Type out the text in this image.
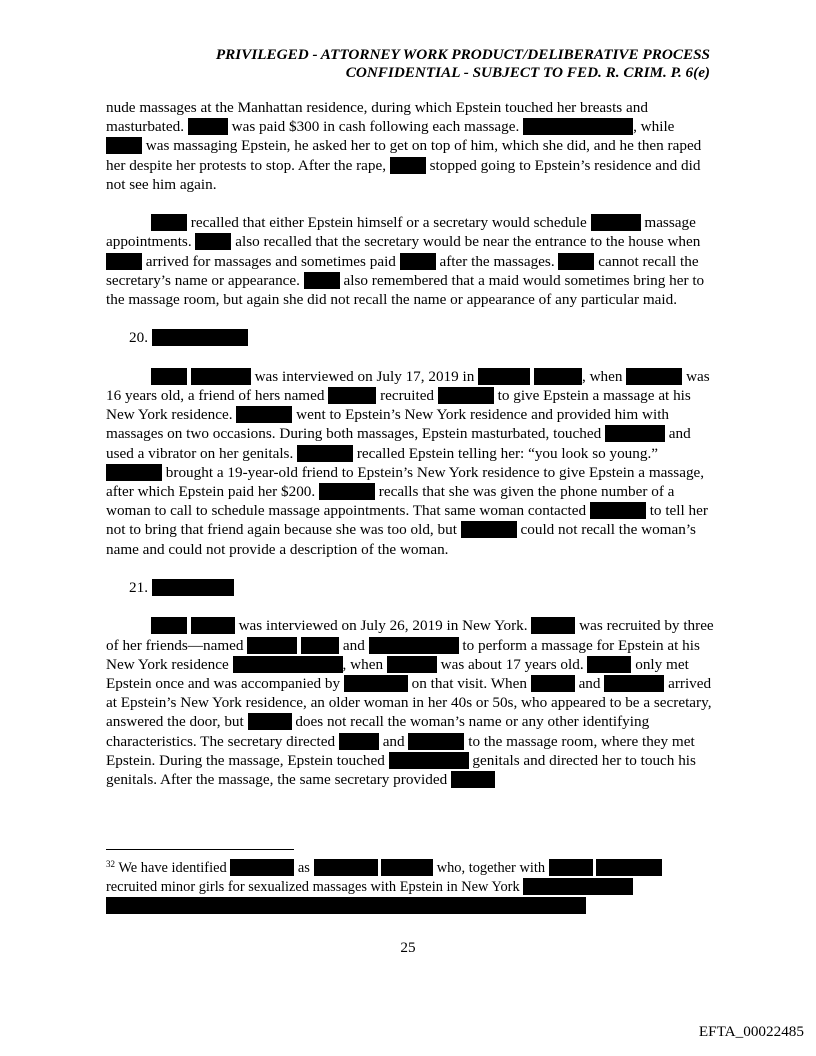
PRIVILEGED - ATTORNEY WORK PRODUCT/DELIBERATIVE PROCESS
CONFIDENTIAL - SUBJECT TO FED. R. CRIM. P. 6(e)

nude massages at the Manhattan residence, during which Epstein touched her breasts and masturbated.	was paid $300 in cash following each massage.	, while  was massaging Epstein, he asked her to get on top of him, which she did, and he then raped her despite her protests to stop. After the rape,	stopped going to Epstein’s residence and did not see him again.

recalled that either Epstein himself or a secretary would schedule	massage appointments.	also recalled that the secretary would be near the entrance to the house when  arrived for massages and sometimes paid	after the massages.	cannot recall the secretary’s name or appearance.	also remembered that a maid would sometimes bring her to the massage room, but again she did not recall the name or appearance of any particular maid.

20.

was interviewed on July 17, 2019 in	, when	was 16 years old, a friend of hers named	recruited	to give Epstein a massage at his New York residence.	went to Epstein’s New York residence and provided him with massages on two occasions. During both massages, Epstein masturbated, touched	and used a vibrator on her genitals.	recalled Epstein telling her: “you look so young.”  brought a 19-year-old friend to Epstein’s New York residence to give Epstein a massage, after which Epstein paid her $200.	recalls that she was given the phone number of a woman to call to schedule massage appointments. That same woman contacted	to tell her not to bring that friend again because she was too old, but	could not recall the woman’s name and could not provide a description of the woman.

21.

was interviewed on July 26, 2019 in New York.	was recruited by three of her friends—named	and	to perform a massage for Epstein at his New York residence	, when	was about 17 years old.	only met Epstein once and was accompanied by	on that visit. When	and	arrived at Epstein’s New York residence, an older woman in her 40s or 50s, who appeared to be a secretary, answered the door, but	does not recall the woman’s name or any other identifying characteristics. The secretary directed	and	to the massage room, where they met Epstein. During the massage, Epstein touched	genitals and directed her to touch his genitals. After the massage, the same secretary provided

$^{32}$ We have identified	as	who, together with   recruited minor girls for sexualized massages with Epstein in New York
25
EFTA_00022485
